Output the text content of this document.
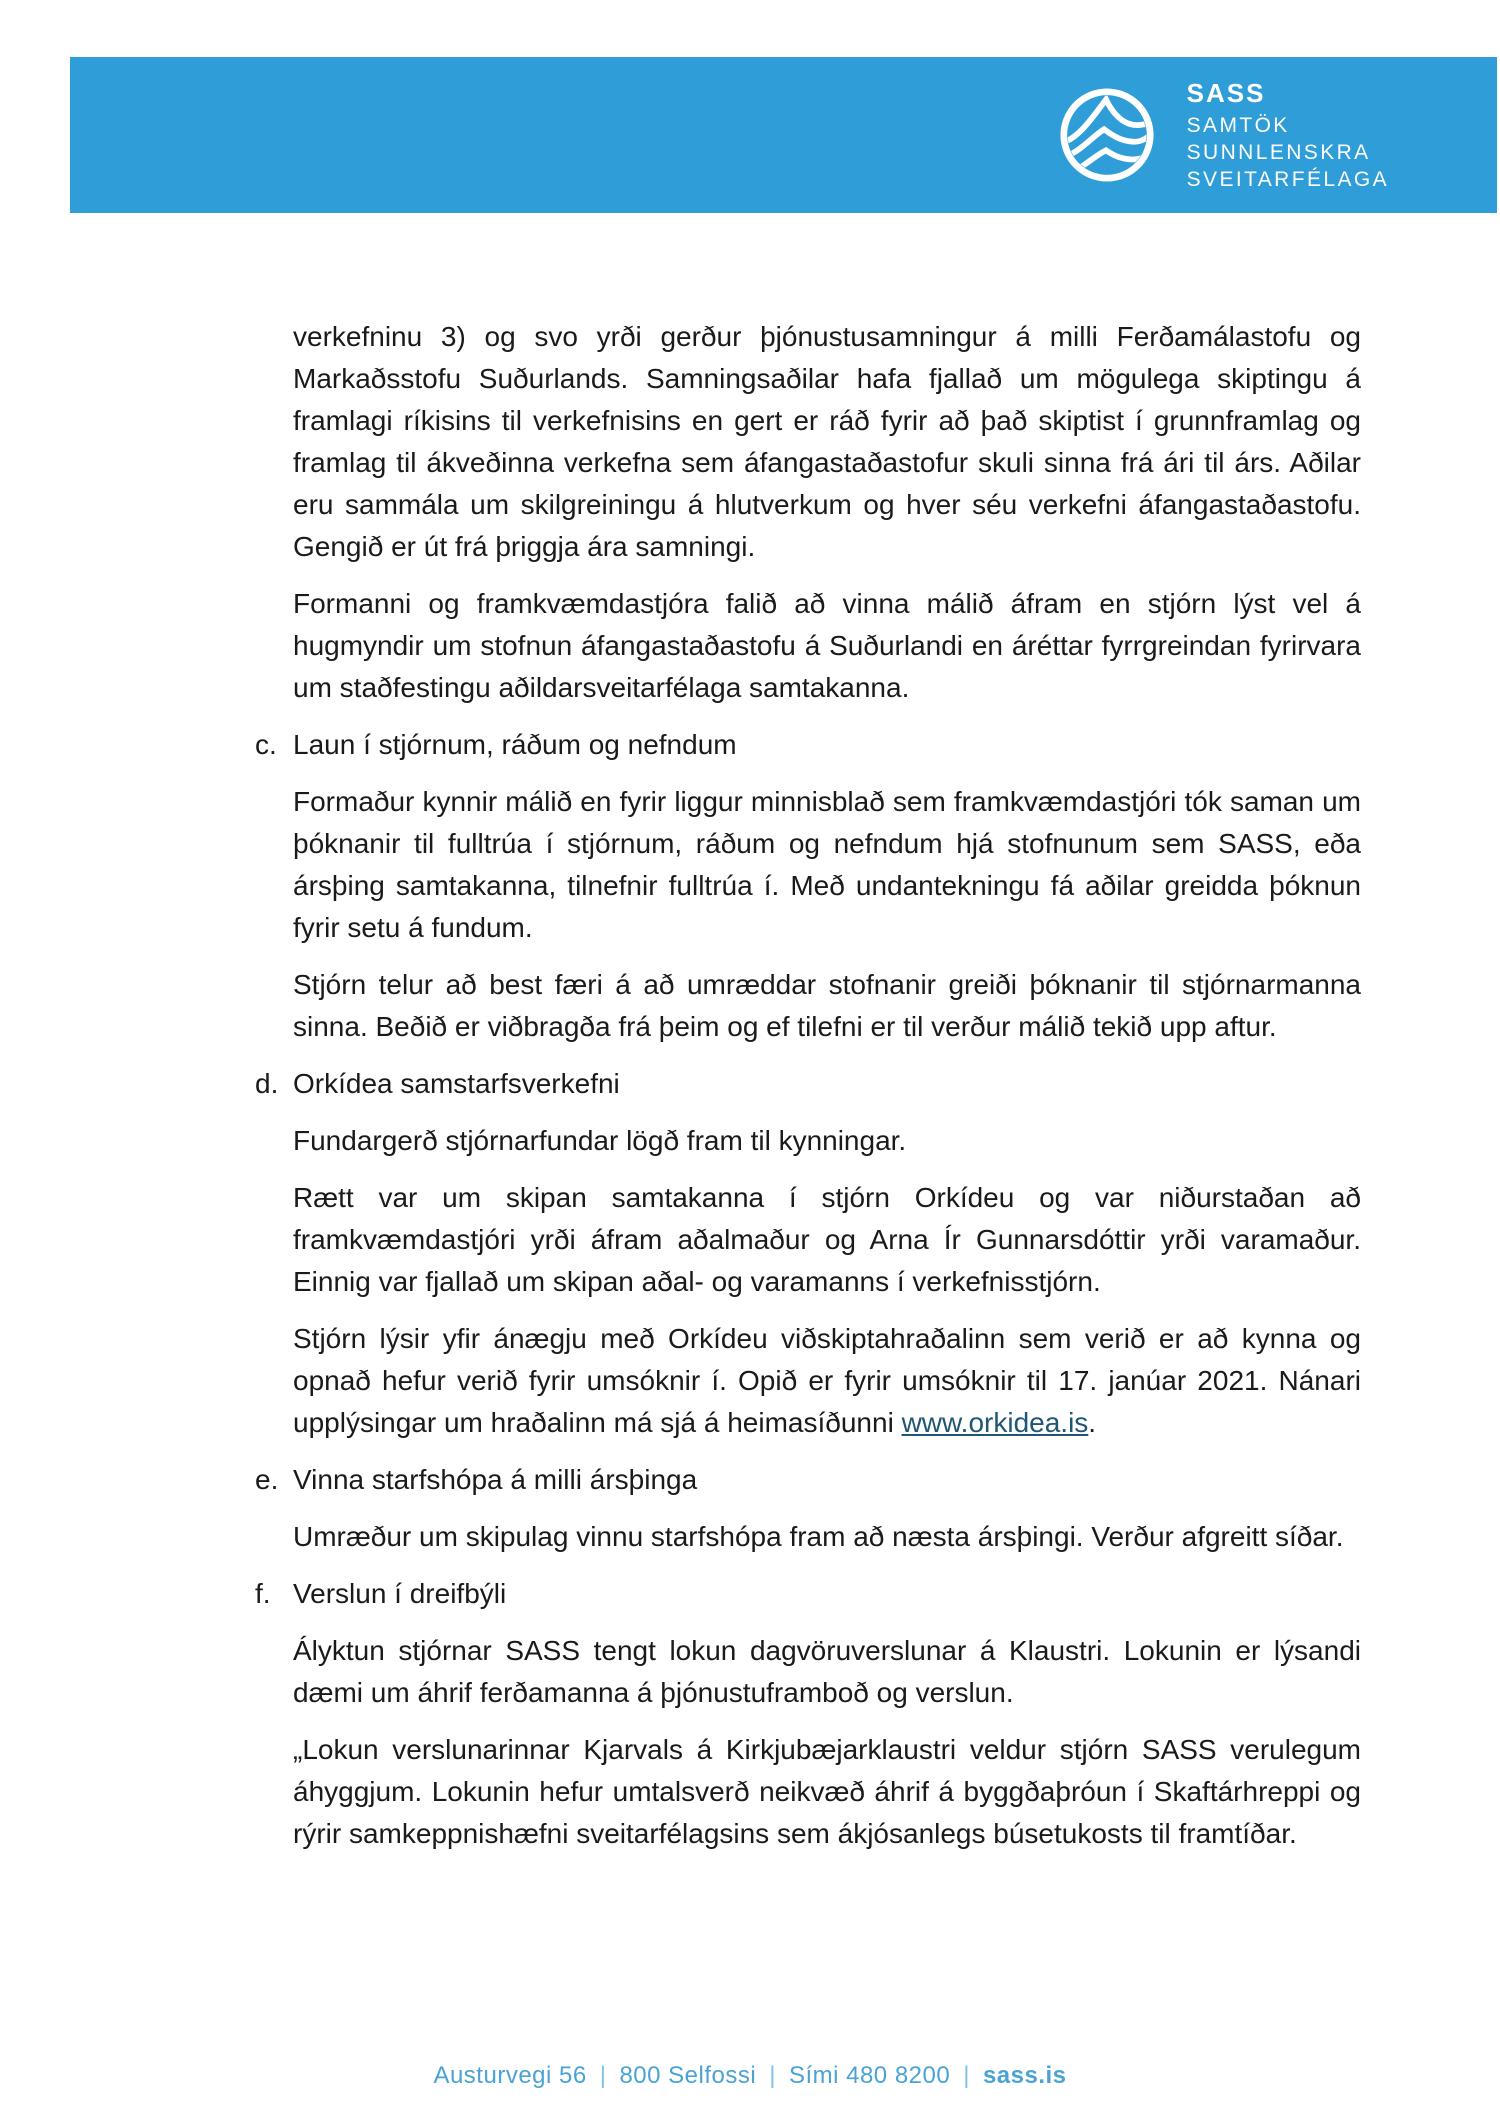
SASS
SAMTÖK
SUNNLENSKRA
SVEITARFÉLAGA

verkefninu 3) og svo yrði gerður þjónustusamningur á milli Ferðamálastofu og Markaðsstofu Suðurlands. Samningsaðilar hafa fjallað um mögulega skiptingu á framlagi ríkisins til verkefnisins en gert er ráð fyrir að það skiptist í grunnframlag og framlag til ákveðinna verkefna sem áfangastaðastofur skuli sinna frá ári til árs. Aðilar eru sammála um skilgreiningu á hlutverkum og hver séu verkefni áfangastaðastofu. Gengið er út frá þriggja ára samningi.

Formanni og framkvæmdastjóra falið að vinna málið áfram en stjórn lýst vel á hugmyndir um stofnun áfangastaðastofu á Suðurlandi en áréttar fyrrgreindan fyrirvara um staðfestingu aðildarsveitarfélaga samtakanna.

c. Laun í stjórnum, ráðum og nefndum

Formaður kynnir málið en fyrir liggur minnisblað sem framkvæmdastjóri tók saman um þóknanir til fulltrúa í stjórnum, ráðum og nefndum hjá stofnunum sem SASS, eða ársþing samtakanna, tilnefnir fulltrúa í. Með undantekningu fá aðilar greidda þóknun fyrir setu á fundum.

Stjórn telur að best færi á að umræddar stofnanir greiði þóknanir til stjórnarmanna sinna. Beðið er viðbragða frá þeim og ef tilefni er til verður málið tekið upp aftur.

d. Orkídea samstarfsverkefni

Fundargerð stjórnarfundar lögð fram til kynningar.

Rætt var um skipan samtakanna í stjórn Orkídeu og var niðurstaðan að framkvæmdastjóri yrði áfram aðalmaður og Arna Ír Gunnarsdóttir yrði varamaður. Einnig var fjallað um skipan aðal- og varamanns í verkefnisstjórn.

Stjórn lýsir yfir ánægju með Orkídeu viðskiptahraðalinn sem verið er að kynna og opnað hefur verið fyrir umsóknir í. Opið er fyrir umsóknir til 17. janúar 2021. Nánari upplýsingar um hraðalinn má sjá á heimasíðunni www.orkidea.is.

e. Vinna starfshópa á milli ársþinga

Umræður um skipulag vinnu starfshópa fram að næsta ársþingi. Verður afgreitt síðar.

f. Verslun í dreifbýli

Ályktun stjórnar SASS tengt lokun dagvöruverslunar á Klaustri. Lokunin er lýsandi dæmi um áhrif ferðamanna á þjónustuframboð og verslun.

„Lokun verslunarinnar Kjarvals á Kirkjubæjarklaustri veldur stjórn SASS verulegum áhyggjum. Lokunin hefur umtalsverð neikvæð áhrif á byggðaþróun í Skaftárhreppi og rýrir samkeppnishæfni sveitarfélagsins sem ákjósanlegs búsetukosts til framtíðar.

Austurvegi 56 | 800 Selfossi | Sími 480 8200 | sass.is
